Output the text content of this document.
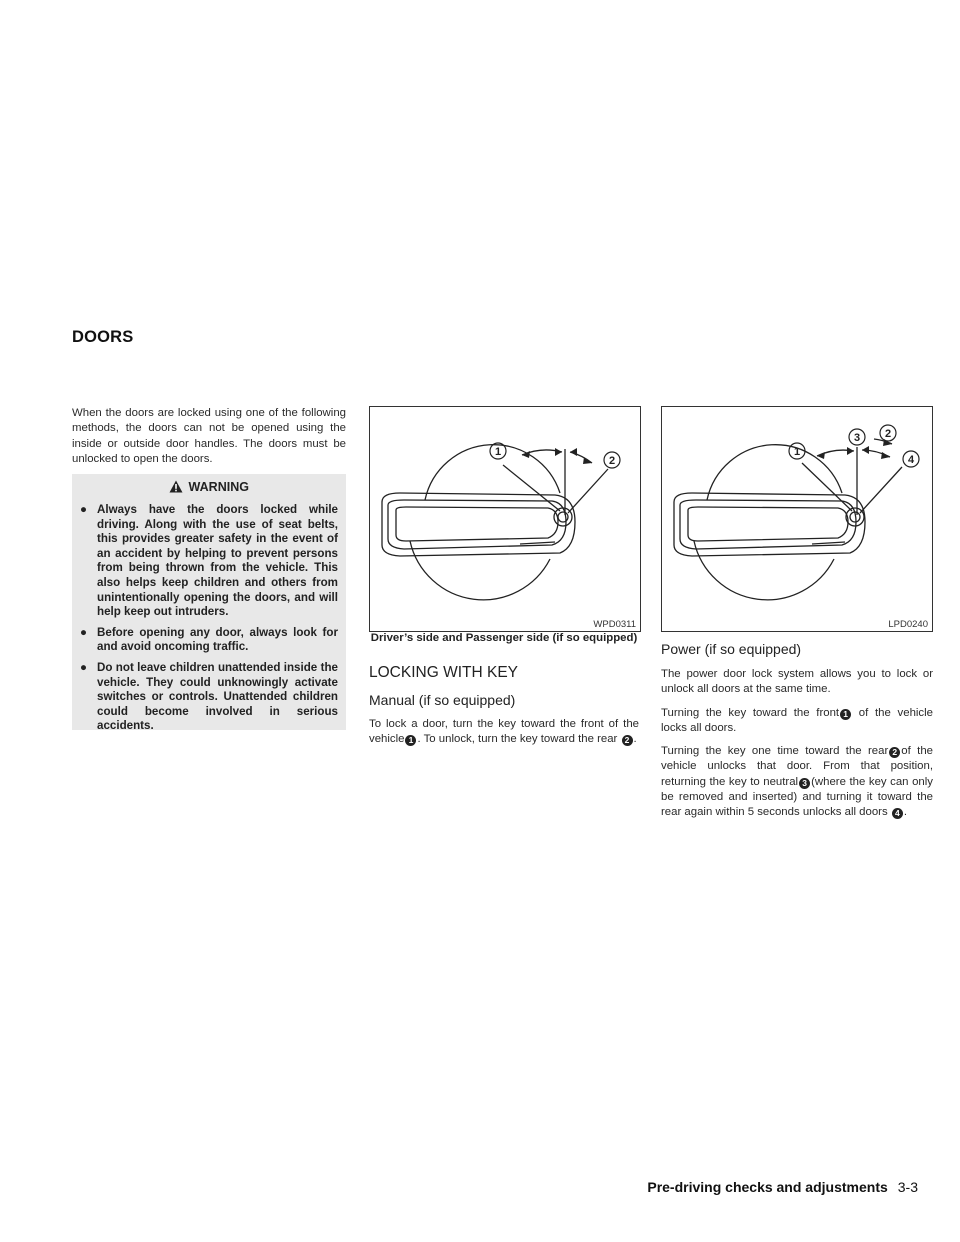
DOORS

When the doors are locked using one of the following methods, the doors can not be opened using the inside or outside door handles. The doors must be unlocked to open the doors.

WARNING
● Always have the doors locked while driving. Along with the use of seat belts, this provides greater safety in the event of an accident by helping to prevent persons from being thrown from the vehicle. This also helps keep children and others from unintentionally opening the doors, and will help keep out intruders.
● Before opening any door, always look for and avoid oncoming traffic.
● Do not leave children unattended inside the vehicle. They could unknowingly activate switches or controls. Unattended children could become involved in serious accidents.
1
2
WPD0311
Driver’s side and Passenger side (if so equipped)
LOCKING WITH KEY
Manual (if so equipped)

To lock a door, turn the key toward the front of the vehicle 1 . To unlock, turn the key toward the rear 2 .

1
2
3
4
LPD0240
Power (if so equipped)

The power door lock system allows you to lock or unlock all doors at the same time.

Turning the key toward the front 1 of the vehicle locks all doors.

Turning the key one time toward the rear 2 of the vehicle unlocks that door. From that position, returning the key to neutral 3 (where the key can only be removed and inserted) and turning it toward the rear again within 5 seconds unlocks all doors 4 .

Pre-driving checks and adjustments 3-3
